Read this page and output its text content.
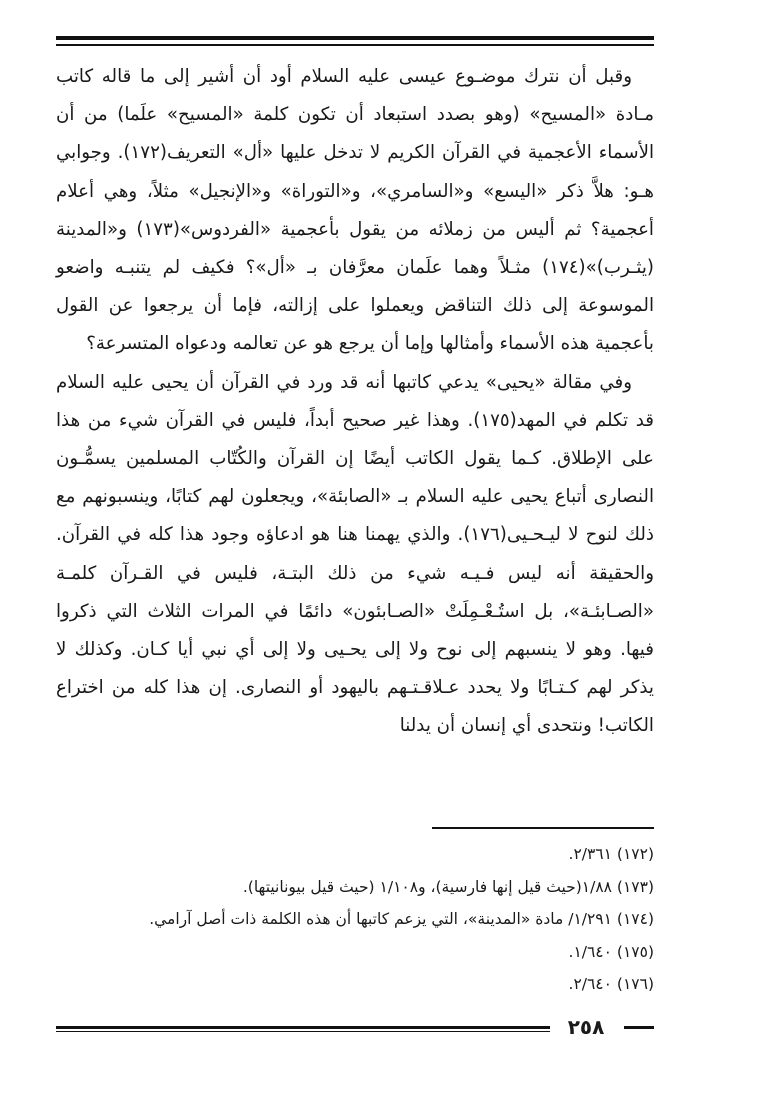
وقبل أن نترك موضـوع عيسى عليه السلام أود أن أشير إلى ما قاله كاتب مـادة «المسيح» (وهو بصدد استبعاد أن تكون كلمة «المسيح» علَما) من أن الأسماء الأعجمية في القرآن الكريم لا تدخل عليها «أل» التعريف(١٧٢). وجوابي هـو: هلاَّ ذكر «اليسع» و«السامري»، و«التوراة» و«الإنجيل» مثلاً، وهي أعلام أعجمية؟ ثم أليس من زملائه من يقول بأعجمية «الفردوس»(١٧٣) و«المدينة (يثـرب)»(١٧٤) مثـلاً وهما علَمان معرَّفان بـ «أل»؟ فكيف لم يتنبـه واضعو الموسوعة إلى ذلك التناقض ويعملوا على إزالته، فإما أن يرجعوا عن القول بأعجمية هذه الأسماء وأمثالها وإما أن يرجع هو عن تعالمه ودعواه المتسرعة؟

وفي مقالة «يحيى» يدعي كاتبها أنه قد ورد في القرآن أن يحيى عليه السلام قد تكلم في المهد(١٧٥). وهذا غير صحيح أبداً، فليس في القرآن شيء من هذا على الإطلاق. كـما يقول الكاتب أيضًا إن القرآن والكُتّاب المسلمين يسمُّـون النصارى أتباع يحيى عليه السلام بـ «الصابئة»، ويجعلون لهم كتابًا، وينسبونهم مع ذلك لنوح لا ليـحـيى(١٧٦). والذي يهمنا هنا هو ادعاؤه وجود هذا كله في القرآن. والحقيقة أنه ليس فـيـه شيء من ذلك البتـة، فليس في القـرآن كلمـة «الصـابئـة»، بل استُـعْـمِلَتْ «الصـابئون» دائمًا في المرات الثلاث التي ذكروا فيها. وهو لا ينسبهم إلى نوح ولا إلى يحـيى ولا إلى أي نبي أيا كـان. وكذلك لا يذكر لهم كـتـابًا ولا يحدد عـلاقـتـهم باليهود أو النصارى. إن هذا كله من اختراع الكاتب! ونتحدى أي إنسان أن يدلنا

(١٧٢) ٢/٣٦١.

(١٧٣) ١/٨٨(حيث قيل إنها فارسية)، و١/١٠٨ (حيث قيل بيونانيتها).

(١٧٤) ١/٢٩١/ مادة «المدينة»، التي يزعم كاتبها أن هذه الكلمة ذات أصل آرامي.

(١٧٥) ١/٦٤٠.

(١٧٦) ٢/٦٤٠.

٢٥٨
